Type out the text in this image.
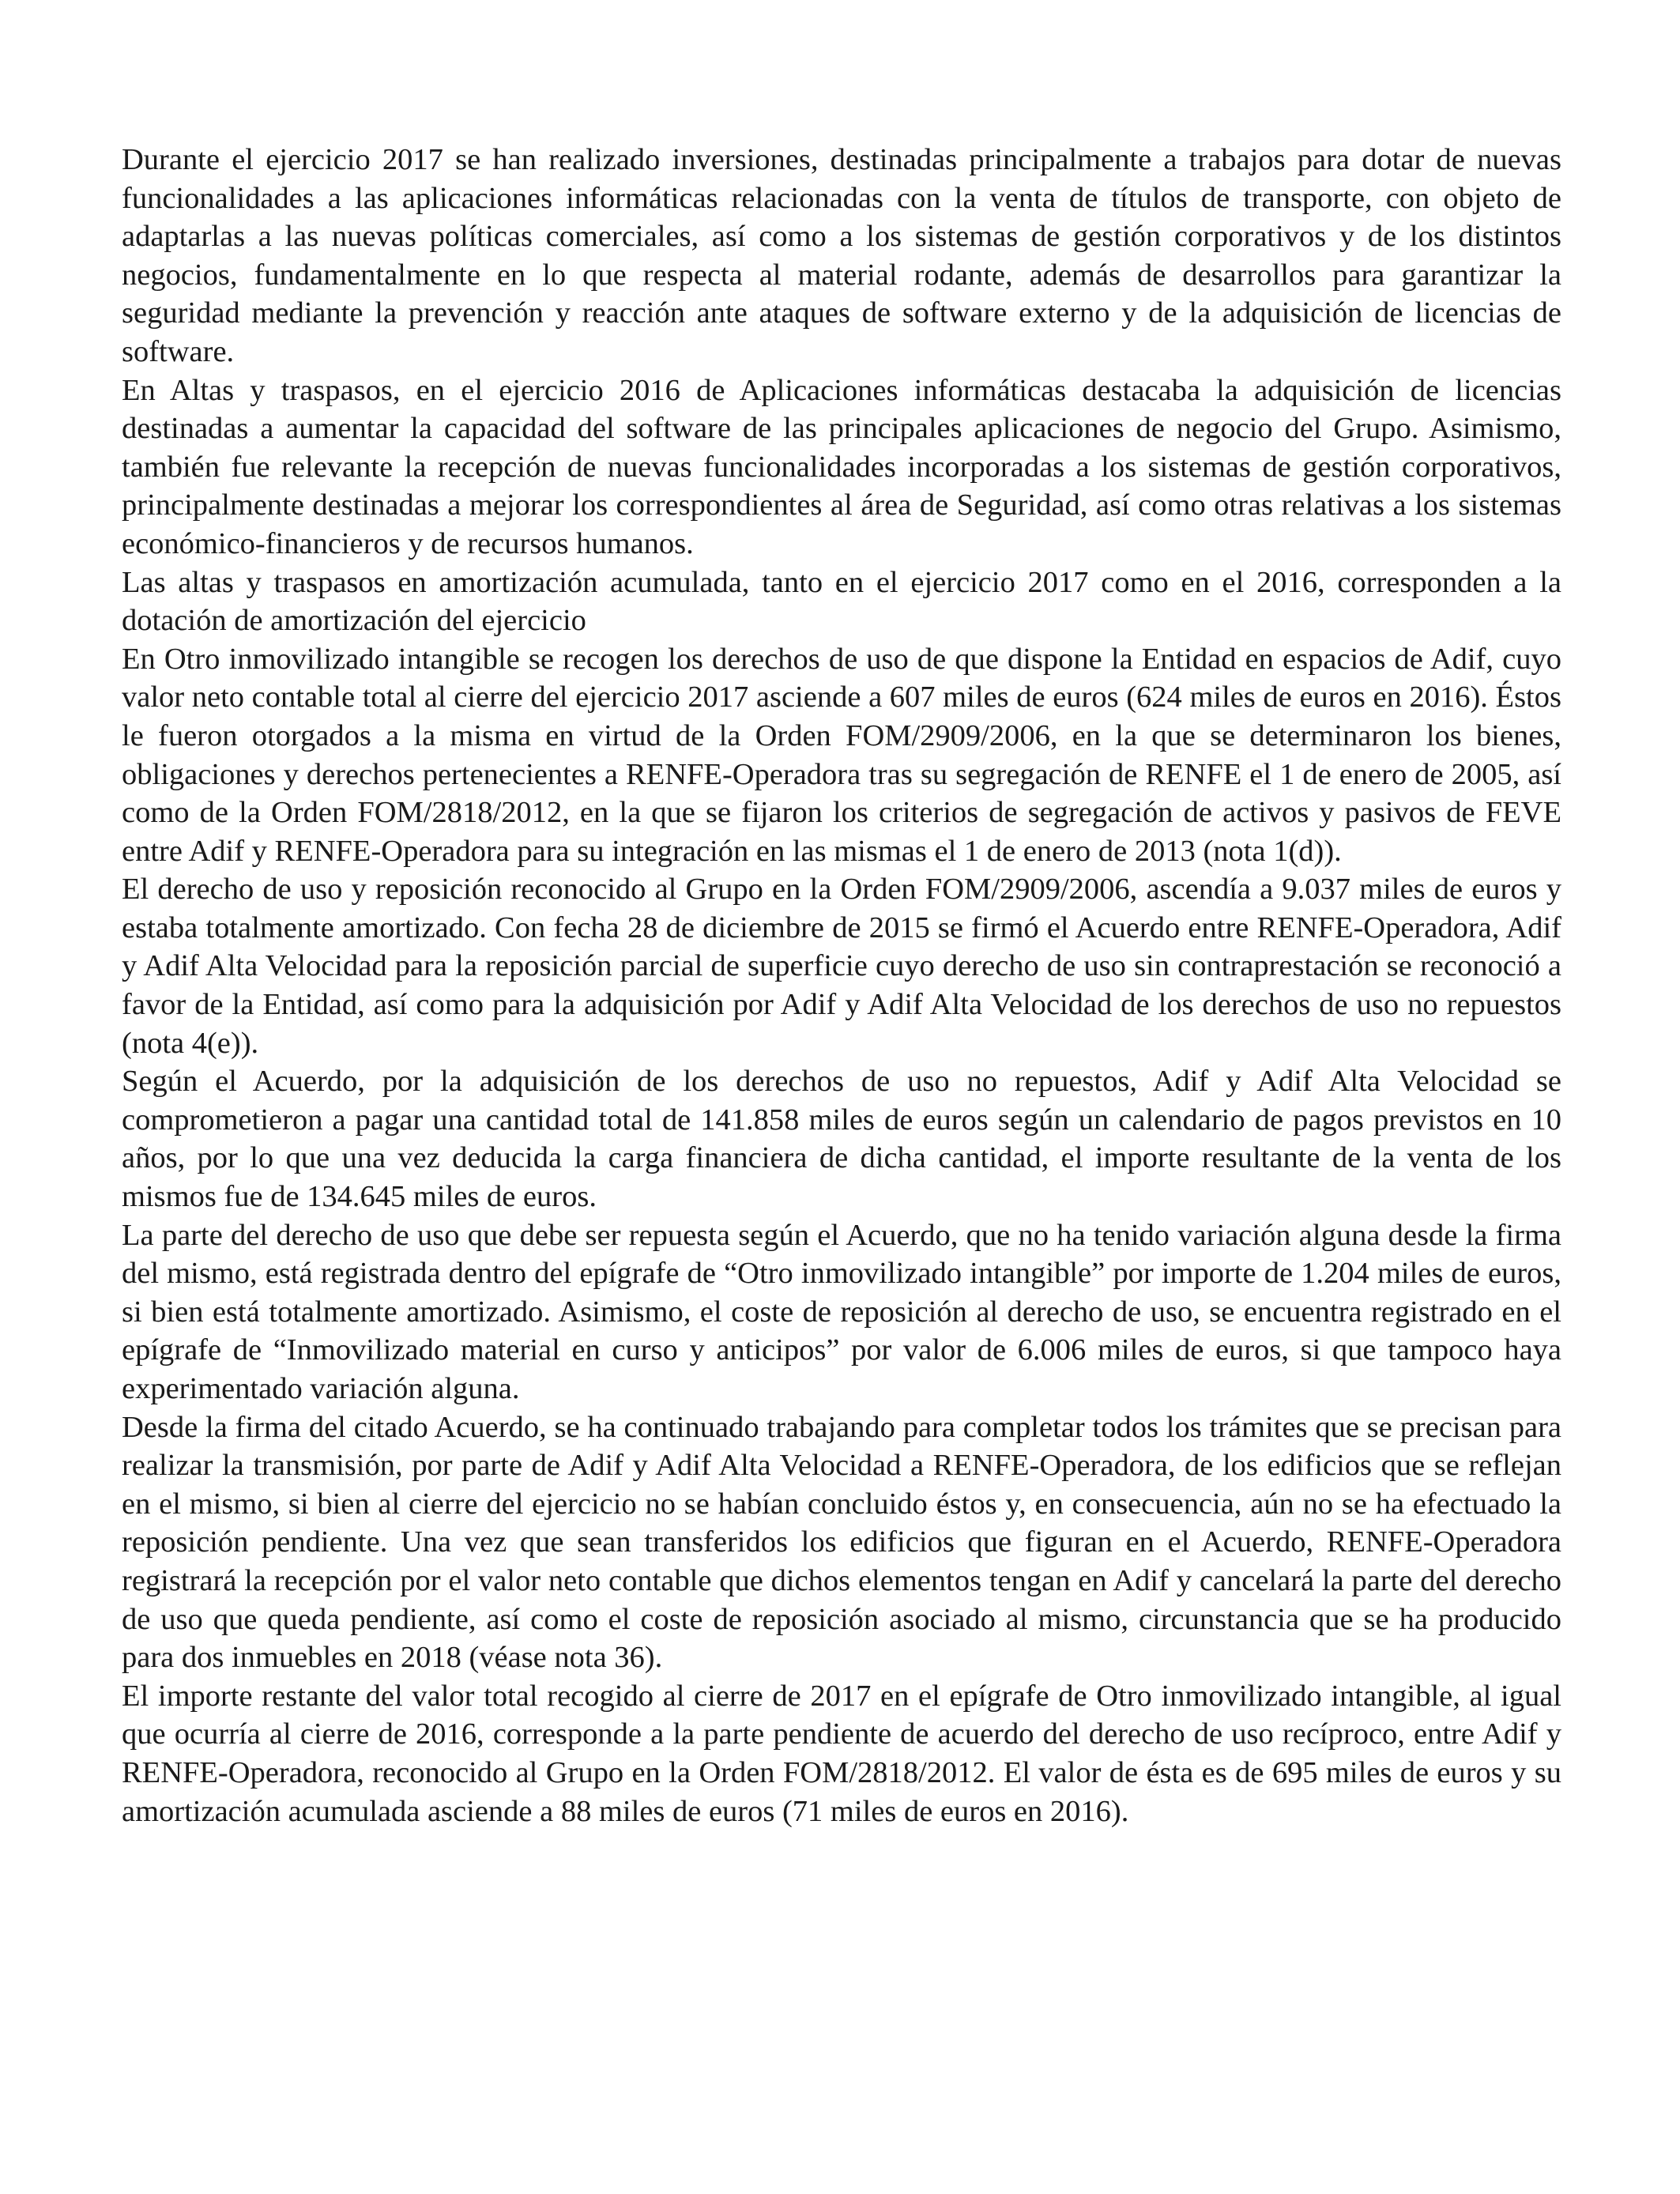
Durante el ejercicio 2017 se han realizado inversiones, destinadas principalmente a trabajos para dotar de nuevas funcionalidades a las aplicaciones informáticas relacionadas con la venta de títulos de transporte, con objeto de adaptarlas a las nuevas políticas comerciales, así como a los sistemas de gestión corporativos y de los distintos negocios, fundamentalmente en lo que respecta al material rodante, además de desarrollos para garantizar la seguridad mediante la prevención y reacción ante ataques de software externo y de la adquisición de licencias de software.

En Altas y traspasos, en el ejercicio 2016 de Aplicaciones informáticas destacaba la adquisición de licencias destinadas a aumentar la capacidad del software de las principales aplicaciones de negocio del Grupo. Asimismo, también fue relevante la recepción de nuevas funcionalidades incorporadas a los sistemas de gestión corporativos, principalmente destinadas a mejorar los correspondientes al área de Seguridad, así como otras relativas a los sistemas económico-financieros y de recursos humanos.

Las altas y traspasos en amortización acumulada, tanto en el ejercicio 2017 como en el 2016, corresponden a la dotación de amortización del ejercicio

En Otro inmovilizado intangible se recogen los derechos de uso de que dispone la Entidad en espacios de Adif, cuyo valor neto contable total al cierre del ejercicio 2017 asciende a 607 miles de euros (624 miles de euros en 2016). Éstos le fueron otorgados a la misma en virtud de la Orden FOM/2909/2006, en la que se determinaron los bienes, obligaciones y derechos pertenecientes a RENFE-Operadora tras su segregación de RENFE el 1 de enero de 2005, así como de la Orden FOM/2818/2012, en la que se fijaron los criterios de segregación de activos y pasivos de FEVE entre Adif y RENFE-Operadora para su integración en las mismas el 1 de enero de 2013 (nota 1(d)).

El derecho de uso y reposición reconocido al Grupo en la Orden FOM/2909/2006, ascendía a 9.037 miles de euros y estaba totalmente amortizado. Con fecha 28 de diciembre de 2015 se firmó el Acuerdo entre RENFE-Operadora, Adif y Adif Alta Velocidad para la reposición parcial de superficie cuyo derecho de uso sin contraprestación se reconoció a favor de la Entidad, así como para la adquisición por Adif y Adif Alta Velocidad de los derechos de uso no repuestos (nota 4(e)).

Según el Acuerdo, por la adquisición de los derechos de uso no repuestos, Adif y Adif Alta Velocidad se comprometieron a pagar una cantidad total de 141.858 miles de euros según un calendario de pagos previstos en 10 años, por lo que una vez deducida la carga financiera de dicha cantidad, el importe resultante de la venta de los mismos fue de 134.645 miles de euros.

La parte del derecho de uso que debe ser repuesta según el Acuerdo, que no ha tenido variación alguna desde la firma del mismo, está registrada dentro del epígrafe de “Otro inmovilizado intangible” por importe de 1.204 miles de euros, si bien está totalmente amortizado. Asimismo, el coste de reposición al derecho de uso, se encuentra registrado en el epígrafe de “Inmovilizado material en curso y anticipos” por valor de 6.006 miles de euros, si que tampoco haya experimentado variación alguna.

Desde la firma del citado Acuerdo, se ha continuado trabajando para completar todos los trámites que se precisan para realizar la transmisión, por parte de Adif y Adif Alta Velocidad a RENFE-Operadora, de los edificios que se reflejan en el mismo, si bien al cierre del ejercicio no se habían concluido éstos y, en consecuencia, aún no se ha efectuado la reposición pendiente. Una vez que sean transferidos los edificios que figuran en el Acuerdo, RENFE-Operadora registrará la recepción por el valor neto contable que dichos elementos tengan en Adif y cancelará la parte del derecho de uso que queda pendiente, así como el coste de reposición asociado al mismo, circunstancia que se ha producido para dos inmuebles en 2018 (véase nota 36).

El importe restante del valor total recogido al cierre de 2017 en el epígrafe de Otro inmovilizado intangible, al igual que ocurría al cierre de 2016, corresponde a la parte pendiente de acuerdo del derecho de uso recíproco, entre Adif y RENFE-Operadora, reconocido al Grupo en la Orden FOM/2818/2012. El valor de ésta es de 695 miles de euros y su amortización acumulada asciende a 88 miles de euros (71 miles de euros en 2016).
